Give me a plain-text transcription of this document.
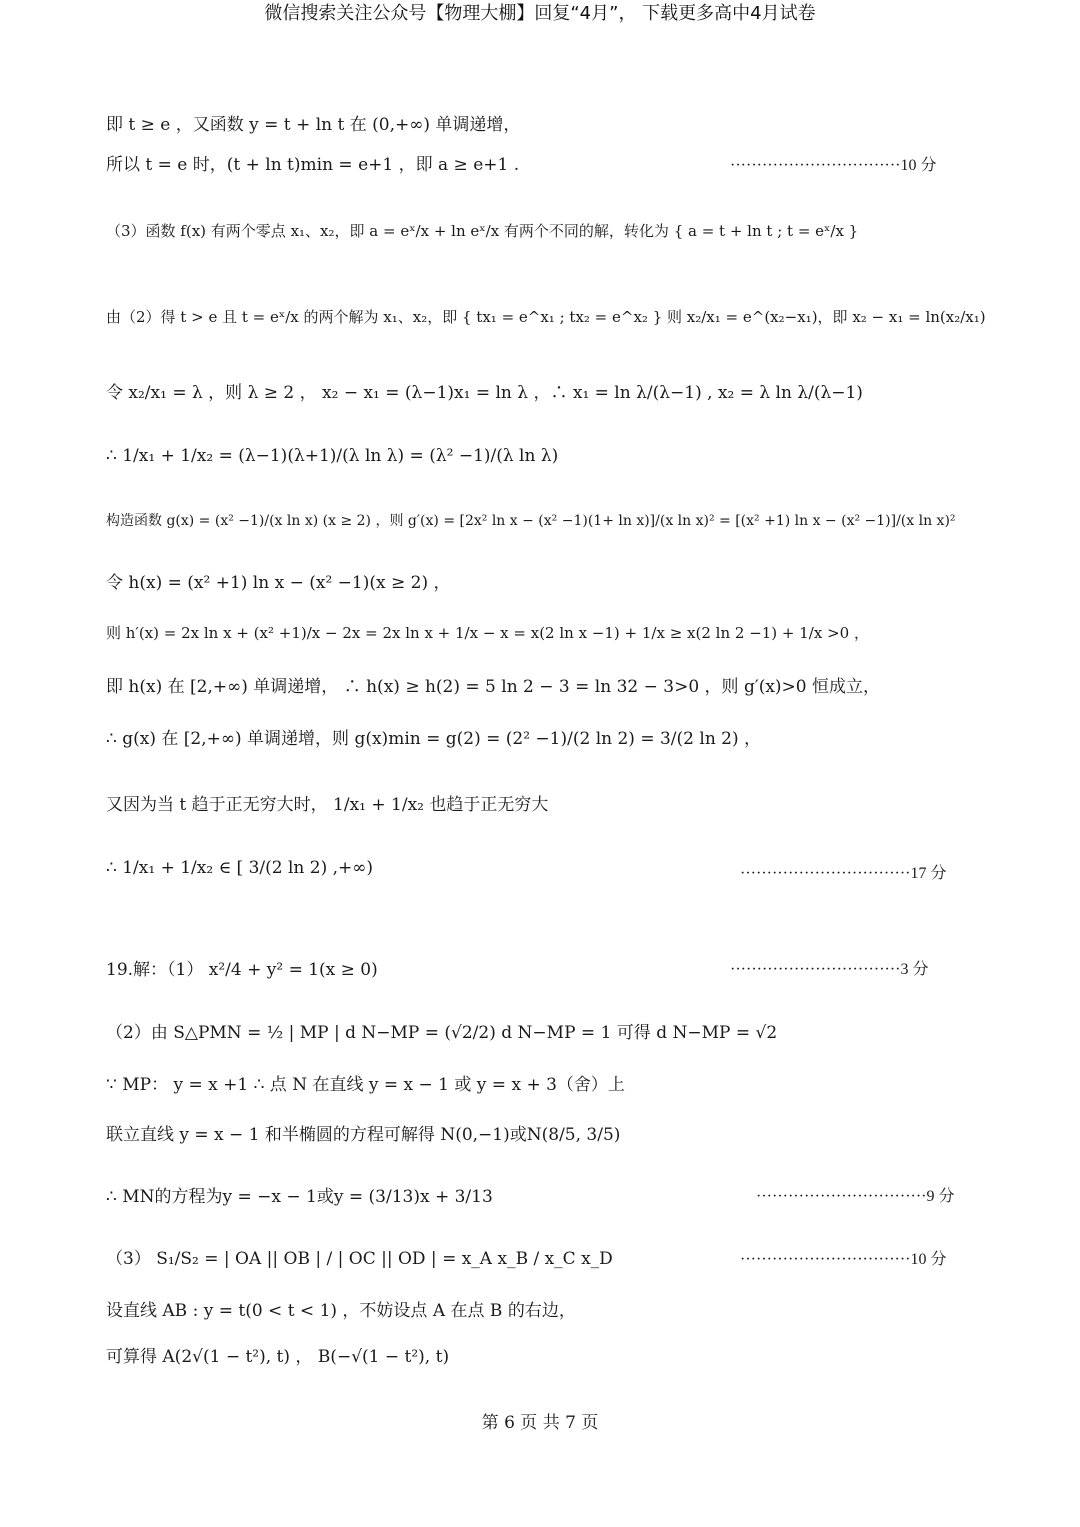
微信搜索关注公众号【物理大棚】回复“4月”， 下载更多高中4月试卷
即 t ≥ e ，又函数 y = t + ln t 在 (0,+∞) 单调递增，
所以 t = e 时，(t + ln t)min = e+1 ，即 a ≥ e+1 .	································10 分
（3）函数 f(x) 有两个零点 x₁、x₂，即 a = eˣ/x + ln eˣ/x 有两个不同的解，转化为 { a = t + ln t ; t = eˣ/x }
由（2）得 t > e 且 t = eˣ/x 的两个解为 x₁、x₂，即 { tx₁ = e^x₁ ; tx₂ = e^x₂ } 则 x₂/x₁ = e^(x₂−x₁)，即 x₂ − x₁ = ln(x₂/x₁)
令 x₂/x₁ = λ ，则 λ ≥ 2 ， x₂ − x₁ = (λ−1)x₁ = ln λ ，∴ x₁ = ln λ/(λ−1) , x₂ = λ ln λ/(λ−1)
∴ 1/x₁ + 1/x₂ = (λ−1)(λ+1)/(λ ln λ) = (λ² −1)/(λ ln λ)
构造函数 g(x) = (x² −1)/(x ln x) (x ≥ 2) ，则 g′(x) = [2x² ln x − (x² −1)(1+ ln x)]/(x ln x)² = [(x² +1) ln x − (x² −1)]/(x ln x)²
令 h(x) = (x² +1) ln x − (x² −1)(x ≥ 2) ，
则 h′(x) = 2x ln x + (x² +1)/x − 2x = 2x ln x + 1/x − x = x(2 ln x −1) + 1/x ≥ x(2 ln 2 −1) + 1/x >0 ，
即 h(x) 在 [2,+∞) 单调递增， ∴ h(x) ≥ h(2) = 5 ln 2 − 3 = ln 32 − 3>0 ，则 g′(x)>0 恒成立，
∴ g(x) 在 [2,+∞) 单调递增，则 g(x)min = g(2) = (2² −1)/(2 ln 2) = 3/(2 ln 2) ，
又因为当 t 趋于正无穷大时， 1/x₁ + 1/x₂ 也趋于正无穷大
∴ 1/x₁ + 1/x₂ ∈ [ 3/(2 ln 2) ,+∞)	································17 分
19.解：（1） x²/4 + y² = 1(x ≥ 0)	································3 分
（2）由 S△PMN = ½ | MP | d N−MP = (√2/2) d N−MP = 1 可得 d N−MP = √2
∵ MP： y = x +1 ∴ 点 N 在直线 y = x − 1 或 y = x + 3（舍）上
联立直线 y = x − 1 和半椭圆的方程可解得 N(0,−1)或N(8/5, 3/5)
∴ MN的方程为y = −x − 1或y = (3/13)x + 3/13	································9 分
（3） S₁/S₂ = | OA || OB | / | OC || OD | = x_A x_B / x_C x_D	································10 分
设直线 AB : y = t(0 < t < 1) ，不妨设点 A 在点 B 的右边，
可算得 A(2√(1 − t²), t) ， B(−√(1 − t²), t)
第 6 页 共 7 页
